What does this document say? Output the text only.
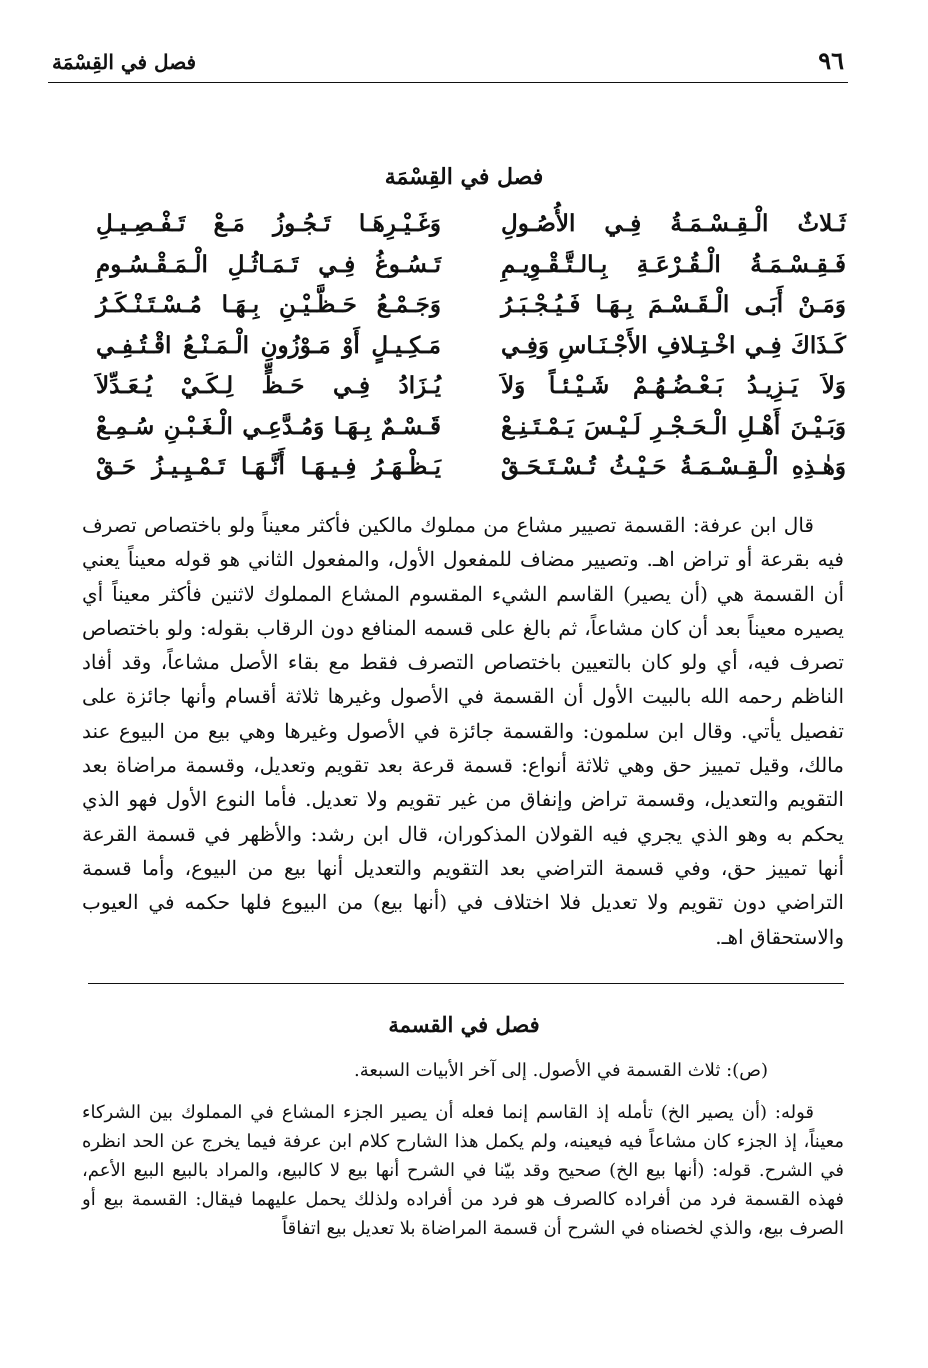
٩٦
فصل في القِسْمَة
فصل في القِسْمَة
ثَـلاثٌ الْـقِـسْـمَـةُ فِـي الأُصُـولِ
وَغَـيْـرِهَـا تَـجُـوزُ مَـعْ تَـفْـصِـيـلِ
فَـقِـسْـمَـةُ الْـقُـرْعَـةِ بِـالـتَّـقْـوِيـمِ
تَـسُـوغُ فِـي تَـمَـاثُـلِ الْـمَـقْـسُـومِ
وَمَـنْ أَبَـى الْـقَـسْـمَ بِـهَـا فَـيُـجْـبَـرُ
وَجَـمْـعُ حَـظَّـيْـنِ بِـهَـا مُـسْـتَـنْـكَـرُ
كَـذَاكَ فِـي اخْـتِـلافِ الأَجْـنَـاسِ وَفِـي
مَـكِـيـلٍ أَوْ مَـوْزُونِ الْـمَـنْـعُ اقْـتُـفِـي
وَلاَ يَـزِيـدُ بَـعْـضُـهُـمْ شَـيْـئـاً وَلاَ
يُـزَادُ فِـي حَـظٍّ لِـكَـيْ يُـعَـدِّلاَ
وَبَـيْـنَ أَهْـلِ الْـحَـجْـرِ لَـيْـسَ يَـمْـتَـنِـعْ
قَـسْـمٌ بِـهَـا وَمُـدَّعِـي الْـغَـبْـنِ سُـمِـعْ
وَهٰـذِهِ الْـقِـسْـمَـةُ حَـيْـثُ تُـسْـتَـحَـقْ
يَـظْـهَـرُ فِـيـهَـا أَنَّـهَـا تَـمْـيِـيـزُ حَـقْ

قال ابن عرفة: القسمة تصيير مشاع من مملوك مالكين فأكثر معيناً ولو باختصاص تصرف فيه بقرعة أو تراض اهـ. وتصيير مضاف للمفعول الأول، والمفعول الثاني هو قوله معيناً يعني أن القسمة هي (أن يصير) القاسم الشيء المقسوم المشاع المملوك لاثنين فأكثر معيناً أي يصيره معيناً بعد أن كان مشاعاً، ثم بالغ على قسمه المنافع دون الرقاب بقوله: ولو باختصاص تصرف فيه، أي ولو كان بالتعيين باختصاص التصرف فقط مع بقاء الأصل مشاعاً، وقد أفاد الناظم رحمه الله بالبيت الأول أن القسمة في الأصول وغيرها ثلاثة أقسام وأنها جائزة على تفصيل يأتي. وقال ابن سلمون: والقسمة جائزة في الأصول وغيرها وهي بيع من البيوع عند مالك، وقيل تمييز حق وهي ثلاثة أنواع: قسمة قرعة بعد تقويم وتعديل، وقسمة مراضاة بعد التقويم والتعديل، وقسمة تراض وإنفاق من غير تقويم ولا تعديل. فأما النوع الأول فهو الذي يحكم به وهو الذي يجري فيه القولان المذكوران، قال ابن رشد: والأظهر في قسمة القرعة أنها تمييز حق، وفي قسمة التراضي بعد التقويم والتعديل أنها بيع من البيوع، وأما قسمة التراضي دون تقويم ولا تعديل فلا اختلاف في (أنها بيع) من البيوع فلها حكمه في العيوب والاستحقاق اهـ.

فصل في القسمة
(ص): ثلاث القسمة في الأصول. إلى آخر الأبيات السبعة.

قوله: (أن يصير الخ) تأمله إذ القاسم إنما فعله أن يصير الجزء المشاع في المملوك بين الشركاء معيناً، إذ الجزء كان مشاعاً فيه فيعينه، ولم يكمل هذا الشارح كلام ابن عرفة فيما يخرج عن الحد انظره في الشرح. قوله: (أنها بيع الخ) صحيح وقد بيّنا في الشرح أنها بيع لا كالبيع، والمراد بالبيع البيع الأعم، فهذه القسمة فرد من أفراده كالصرف هو فرد من أفراده ولذلك يحمل عليهما فيقال: القسمة بيع أو الصرف بيع، والذي لخصناه في الشرح أن قسمة المراضاة بلا تعديل بيع اتفاقاً
